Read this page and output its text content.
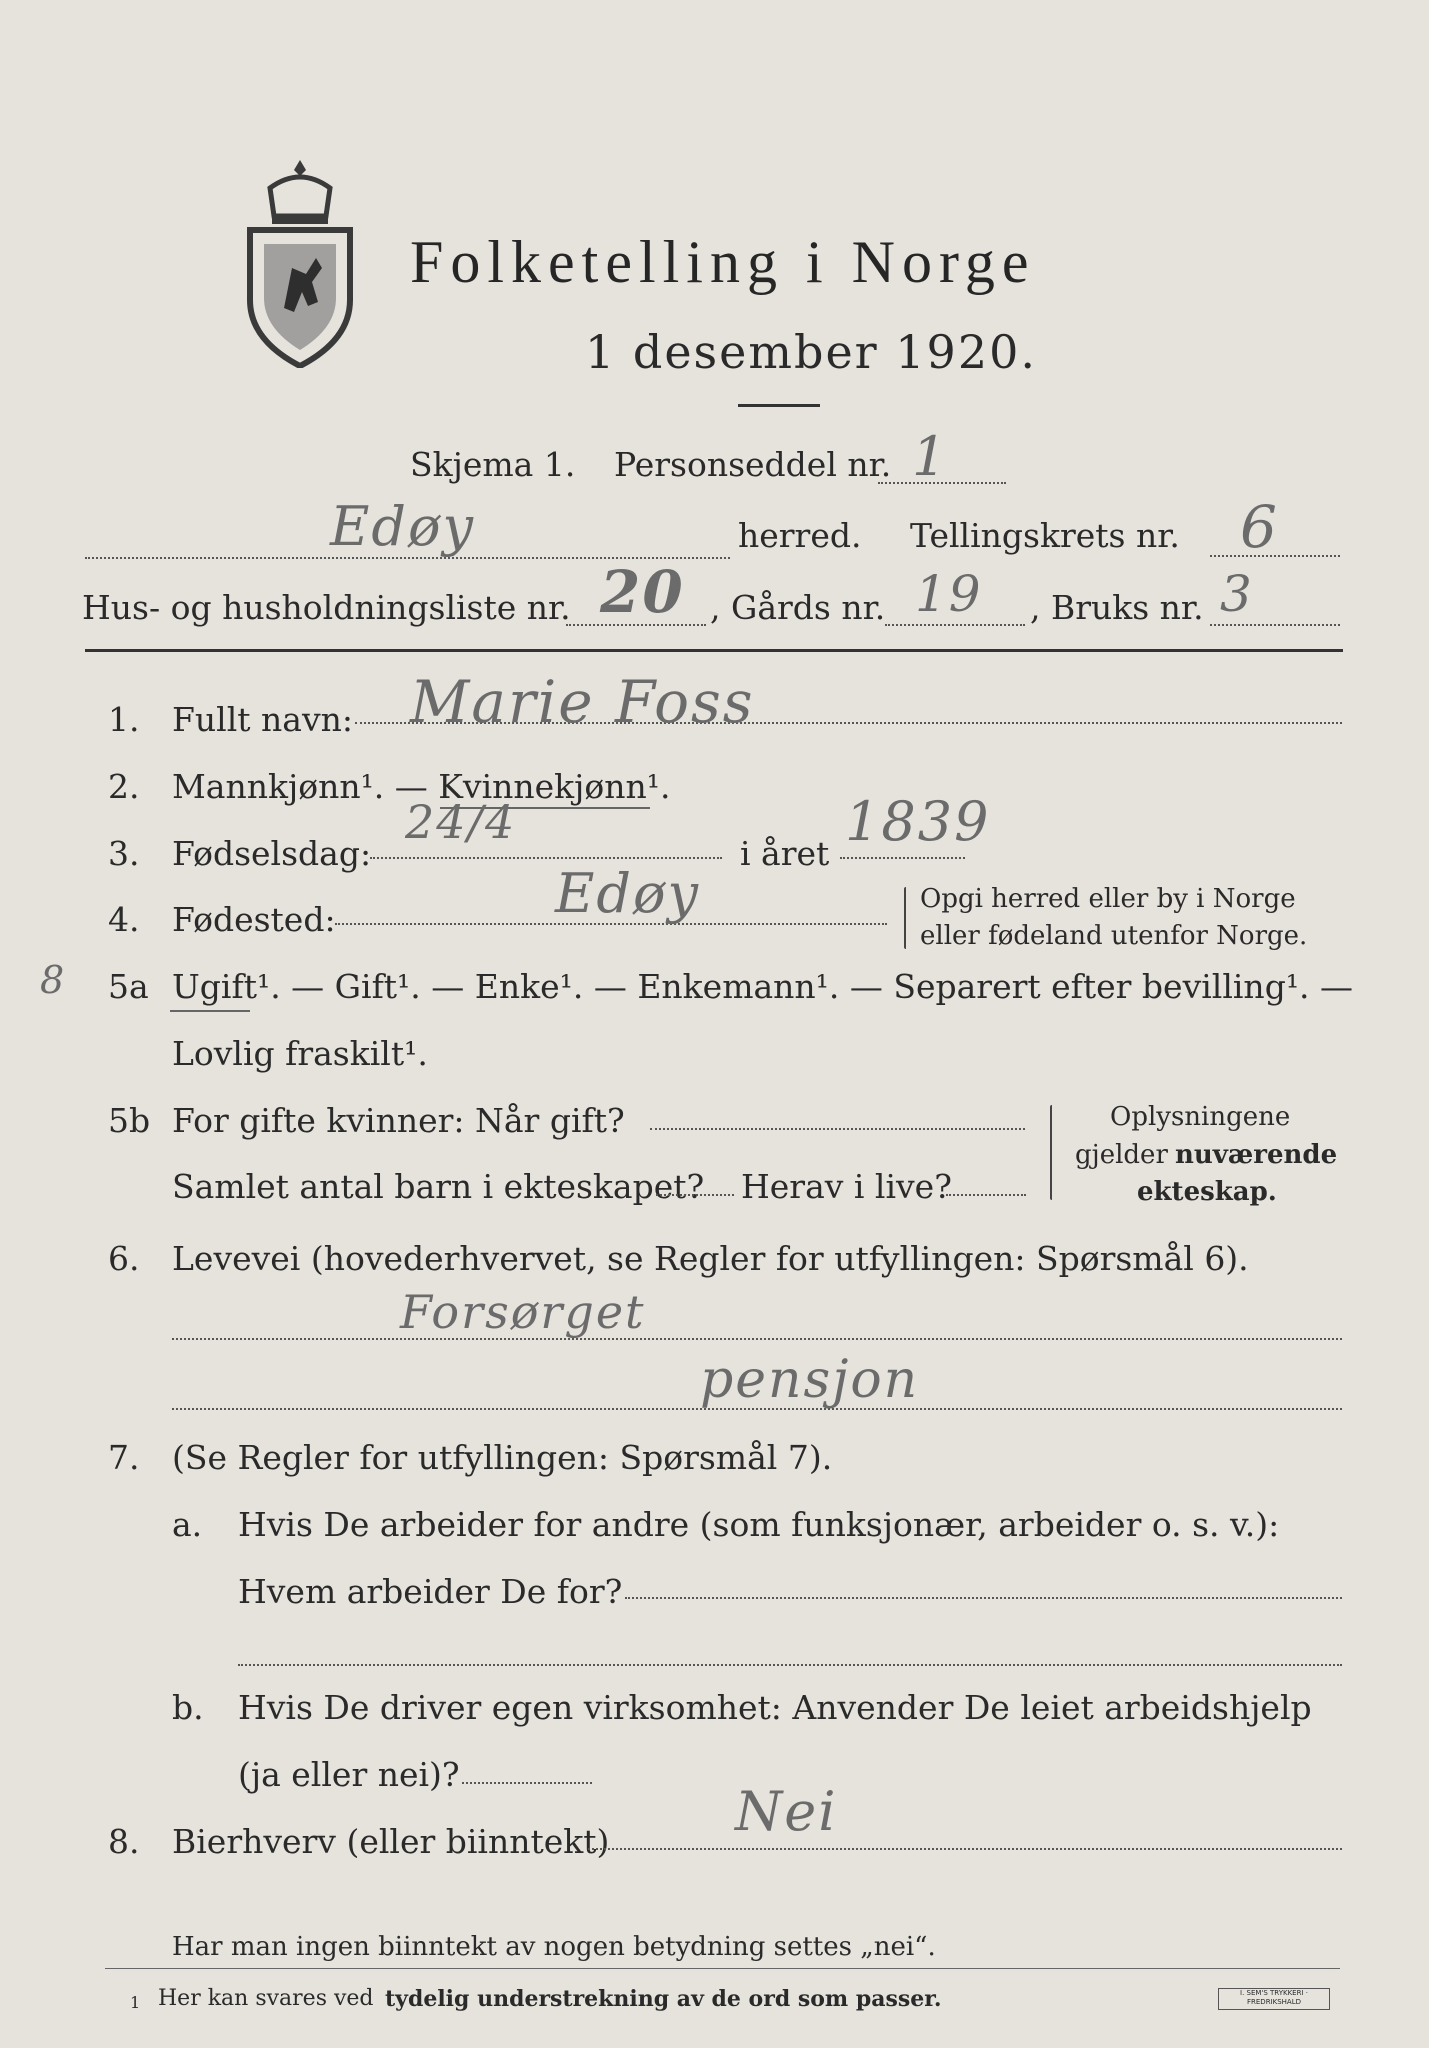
Folketelling i Norge
1 desember 1920.
Skjema 1. Personseddel nr. 1
Edøy	herred. Tellingskrets nr. 6
Hus- og husholdningsliste nr. 20 , Gårds nr. 19 , Bruks nr. 3
1. Fullt navn: Marie Foss
2. Mannkjønn¹. — Kvinnekjønn¹.
3. Fødselsdag:
24/4
i året
1839
4. Fødested:	Edøy	Opgi herred eller by i Norge
eller fødeland utenfor Norge.
8 5a Ugift¹. — Gift¹. — Enke¹. — Enkemann¹. — Separert efter bevilling¹. —
Lovlig fraskilt¹.
5b For gifte kvinner: Når gift?
Samlet antal barn i ekteskapet? Herav i live?
Oplysningene
gjelder nuværende
ekteskap.
6. Levevei (hovederhvervet, se Regler for utfyllingen: Spørsmål 6).
Forsørget
pensjon
7. (Se Regler for utfyllingen: Spørsmål 7).
a. Hvis De arbeider for andre (som funksjonær, arbeider o. s. v.):
Hvem arbeider De for?
b. Hvis De driver egen virksomhet: Anvender De leiet arbeidshjelp
(ja eller nei)?
8. Bierhverv (eller biinntekt) Nei
Har man ingen biinntekt av nogen betydning settes „nei“.
1 Her kan svares ved tydelig understrekning av de ord som passer.	I. SEM'S TRYKKERI · FREDRIKSHALD
